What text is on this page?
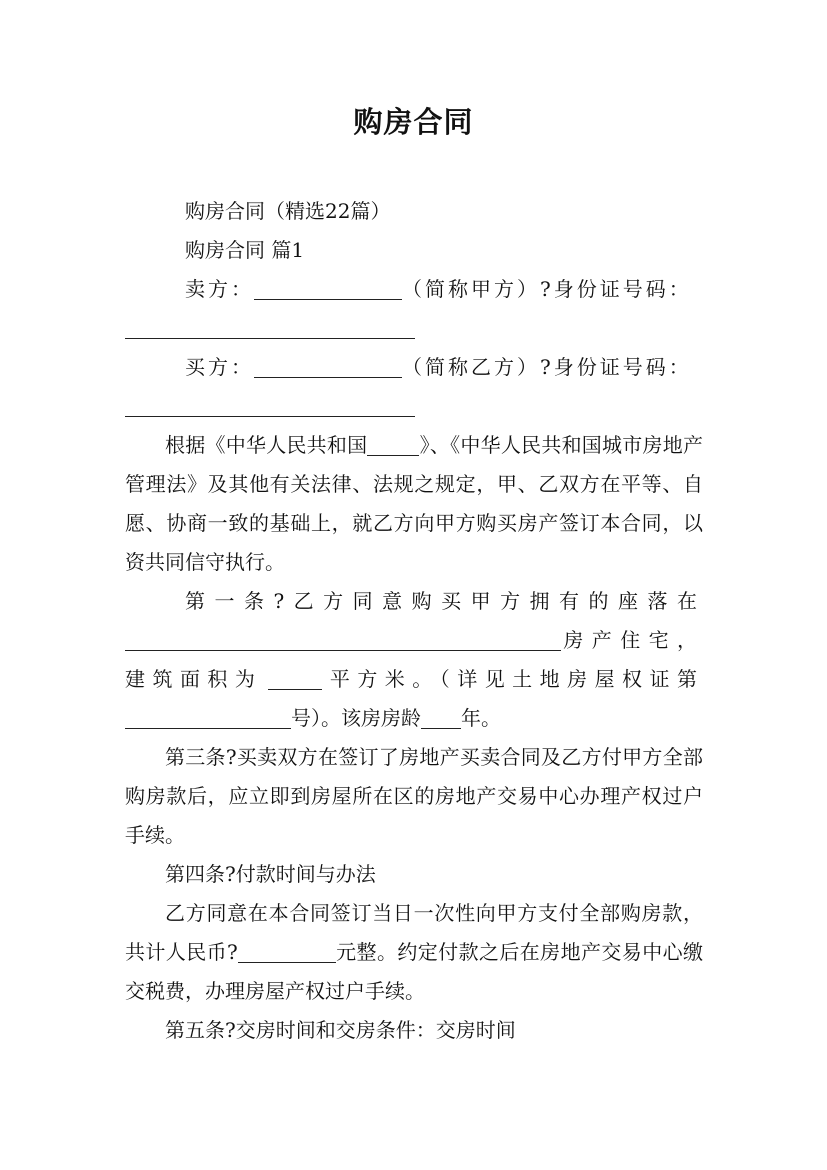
购房合同

购房合同（精选22篇）

购房合同 篇1

卖方：	（简称甲方）?身份证号码：

买方：	（简称乙方）?身份证号码：

根据《中华人民共和国	》、《中华人民共和国城市房地产管理法》及其他有关法律、法规之规定，甲、乙双方在平等、自愿、协商一致的基础上，就乙方向甲方购买房产签订本合同，以资共同信守执行。

第一条?乙方同意购买甲方拥有的座落在房产住宅，建筑面积为	平方米。（详见土地房屋权证第号）。该房房龄 年。

第三条?买卖双方在签订了房地产买卖合同及乙方付甲方全部购房款后，应立即到房屋所在区的房地产交易中心办理产权过户手续。

第四条?付款时间与办法

乙方同意在本合同签订当日一次性向甲方支付全部购房款，共计人民币?	元整。约定付款之后在房地产交易中心缴交税费，办理房屋产权过户手续。

第五条?交房时间和交房条件：交房时间
